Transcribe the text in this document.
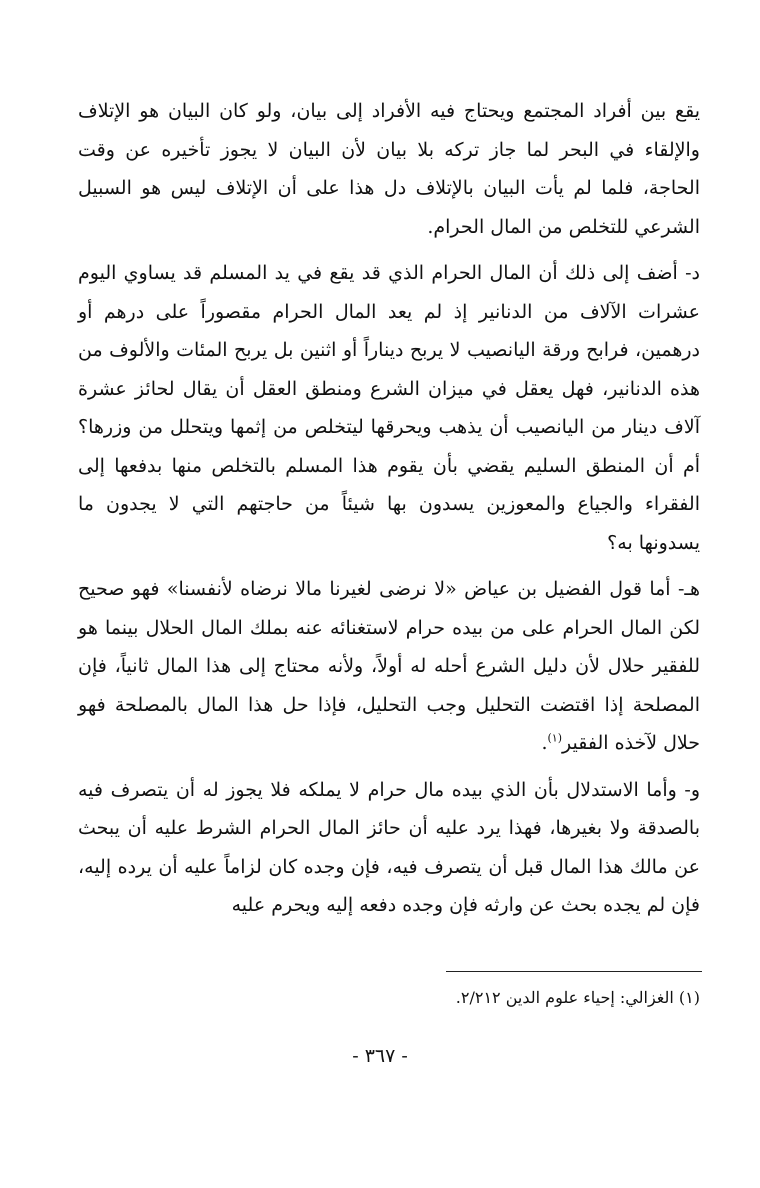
يقع بين أفراد المجتمع ويحتاج فيه الأفراد إلى بيان، ولو كان البيان هو الإتلاف والإلقاء في البحر لما جاز تركه بلا بيان لأن البيان لا يجوز تأخيره عن وقت الحاجة، فلما لم يأت البيان بالإتلاف دل هذا على أن الإتلاف ليس هو السبيل الشرعي للتخلص من المال الحرام.

د- أضف إلى ذلك أن المال الحرام الذي قد يقع في يد المسلم قد يساوي اليوم عشرات الآلاف من الدنانير إذ لم يعد المال الحرام مقصوراً على درهم أو درهمين، فرابح ورقة اليانصيب لا يربح ديناراً أو اثنين بل يربح المئات والألوف من هذه الدنانير، فهل يعقل في ميزان الشرع ومنطق العقل أن يقال لحائز عشرة آلاف دينار من اليانصيب أن يذهب ويحرقها ليتخلص من إثمها ويتحلل من وزرها؟ أم أن المنطق السليم يقضي بأن يقوم هذا المسلم بالتخلص منها بدفعها إلى الفقراء والجياع والمعوزين يسدون بها شيئاً من حاجتهم التي لا يجدون ما يسدونها به؟

هـ- أما قول الفضيل بن عياض «لا نرضى لغيرنا مالا نرضاه لأنفسنا» فهو صحيح لكن المال الحرام على من بيده حرام لاستغنائه عنه بملك المال الحلال بينما هو للفقير حلال لأن دليل الشرع أحله له أولاً، ولأنه محتاج إلى هذا المال ثانياً، فإن المصلحة إذا اقتضت التحليل وجب التحليل، فإذا حل هذا المال بالمصلحة فهو حلال لآخذه الفقير$^{(١)}$.

و- وأما الاستدلال بأن الذي بيده مال حرام لا يملكه فلا يجوز له أن يتصرف فيه بالصدقة ولا بغيرها، فهذا يرد عليه أن حائز المال الحرام الشرط عليه أن يبحث عن مالك هذا المال قبل أن يتصرف فيه، فإن وجده كان لزاماً عليه أن يرده إليه، فإن لم يجده بحث عن وارثه فإن وجده دفعه إليه ويحرم عليه

(١) الغزالي: إحياء علوم الدين ٢/٢١٢.
- ٣٦٧ -
